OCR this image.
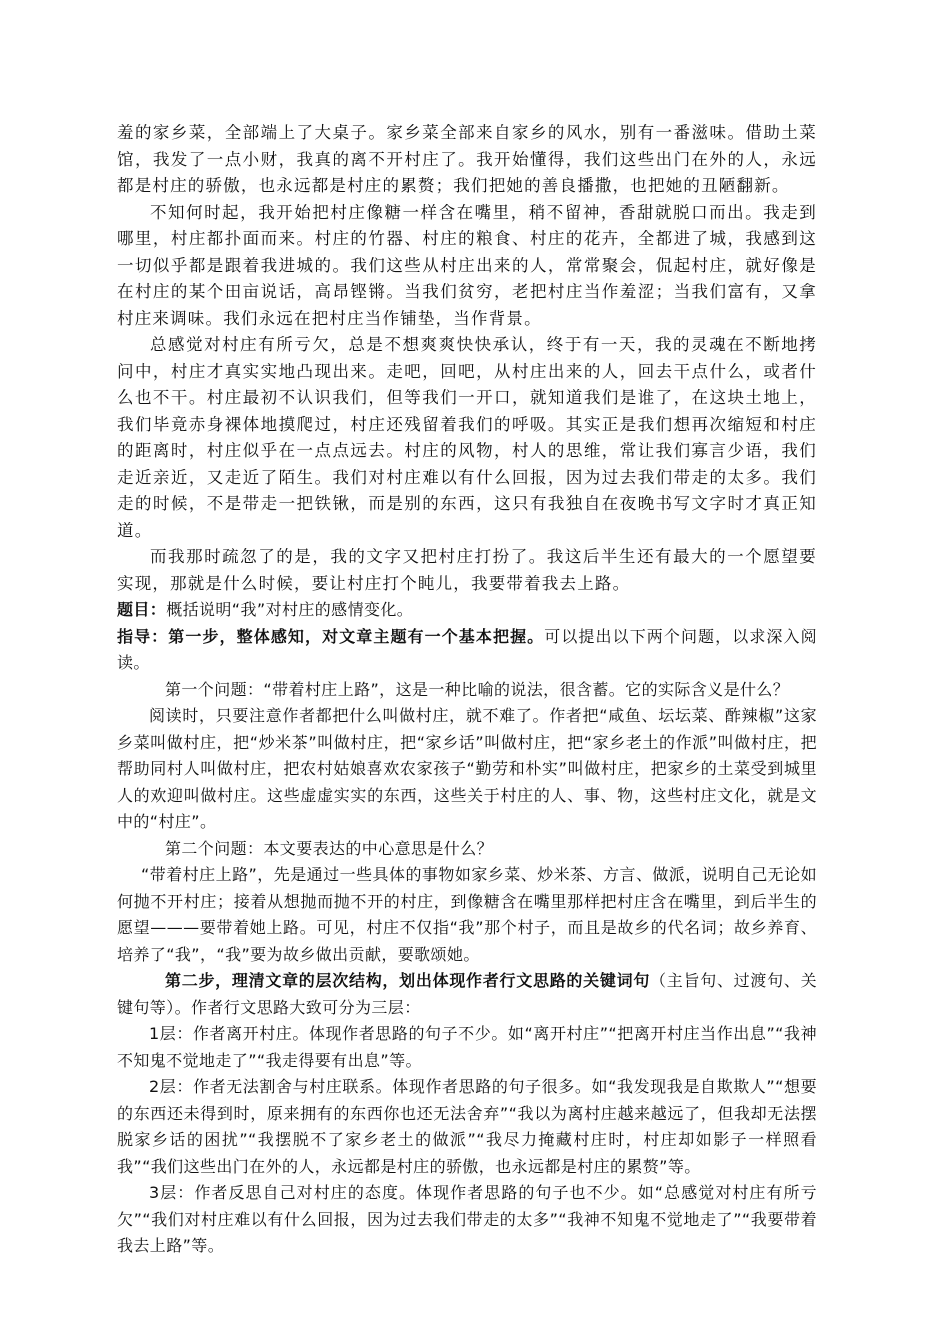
羞的家乡菜，全部端上了大桌子。家乡菜全部来自家乡的风水，别有一番滋味。借助土菜馆，我发了一点小财，我真的离不开村庄了。我开始懂得，我们这些出门在外的人，永远都是村庄的骄傲，也永远都是村庄的累赘；我们把她的善良播撒，也把她的丑陋翻新。

不知何时起，我开始把村庄像糖一样含在嘴里，稍不留神，香甜就脱口而出。我走到哪里，村庄都扑面而来。村庄的竹器、村庄的粮食、村庄的花卉，全都进了城，我感到这一切似乎都是跟着我进城的。我们这些从村庄出来的人，常常聚会，侃起村庄，就好像是在村庄的某个田亩说话，高昂铿锵。当我们贫穷，老把村庄当作羞涩；当我们富有，又拿村庄来调味。我们永远在把村庄当作铺垫，当作背景。

总感觉对村庄有所亏欠，总是不想爽爽快快承认，终于有一天，我的灵魂在不断地拷问中，村庄才真实实地凸现出来。走吧，回吧，从村庄出来的人，回去干点什么，或者什么也不干。村庄最初不认识我们，但等我们一开口，就知道我们是谁了，在这块土地上，我们毕竟赤身裸体地摸爬过，村庄还残留着我们的呼吸。其实正是我们想再次缩短和村庄的距离时，村庄似乎在一点点远去。村庄的风物，村人的思维，常让我们寡言少语，我们走近亲近，又走近了陌生。我们对村庄难以有什么回报，因为过去我们带走的太多。我们走的时候，不是带走一把铁锹，而是别的东西，这只有我独自在夜晚书写文字时才真正知道。

而我那时疏忽了的是，我的文字又把村庄打扮了。我这后半生还有最大的一个愿望要实现，那就是什么时候，要让村庄打个盹儿，我要带着我去上路。

题目：概括说明“我”对村庄的感情变化。

指导：第一步，整体感知，对文章主题有一个基本把握。可以提出以下两个问题，以求深入阅读。

第一个问题：“带着村庄上路”，这是一种比喻的说法，很含蓄。它的实际含义是什么？

阅读时，只要注意作者都把什么叫做村庄，就不难了。作者把“咸鱼、坛坛菜、酢辣椒”这家乡菜叫做村庄，把“炒米茶”叫做村庄，把“家乡话”叫做村庄，把“家乡老土的作派”叫做村庄，把帮助同村人叫做村庄，把农村姑娘喜欢农家孩子“勤劳和朴实”叫做村庄，把家乡的土菜受到城里人的欢迎叫做村庄。这些虚虚实实的东西，这些关于村庄的人、事、物，这些村庄文化，就是文中的“村庄”。

第二个问题：本文要表达的中心意思是什么？

“带着村庄上路”，先是通过一些具体的事物如家乡菜、炒米茶、方言、做派，说明自己无论如何抛不开村庄；接着从想抛而抛不开的村庄，到像糖含在嘴里那样把村庄含在嘴里，到后半生的愿望———要带着她上路。可见，村庄不仅指“我”那个村子，而且是故乡的代名词；故乡养育、培养了“我”，“我”要为故乡做出贡献，要歌颂她。

第二步，理清文章的层次结构，划出体现作者行文思路的关键词句（主旨句、过渡句、关键句等）。作者行文思路大致可分为三层：

1层：作者离开村庄。体现作者思路的句子不少。如“离开村庄”“把离开村庄当作出息”“我神不知鬼不觉地走了”“我走得要有出息”等。

2层：作者无法割舍与村庄联系。体现作者思路的句子很多。如“我发现我是自欺欺人”“想要的东西还未得到时，原来拥有的东西你也还无法舍弃”“我以为离村庄越来越远了，但我却无法摆脱家乡话的困扰”“我摆脱不了家乡老土的做派”“我尽力掩藏村庄时，村庄却如影子一样照看我”“我们这些出门在外的人，永远都是村庄的骄傲，也永远都是村庄的累赘”等。

3层：作者反思自己对村庄的态度。体现作者思路的句子也不少。如“总感觉对村庄有所亏欠”“我们对村庄难以有什么回报，因为过去我们带走的太多”“我神不知鬼不觉地走了”“我要带着我去上路”等。
